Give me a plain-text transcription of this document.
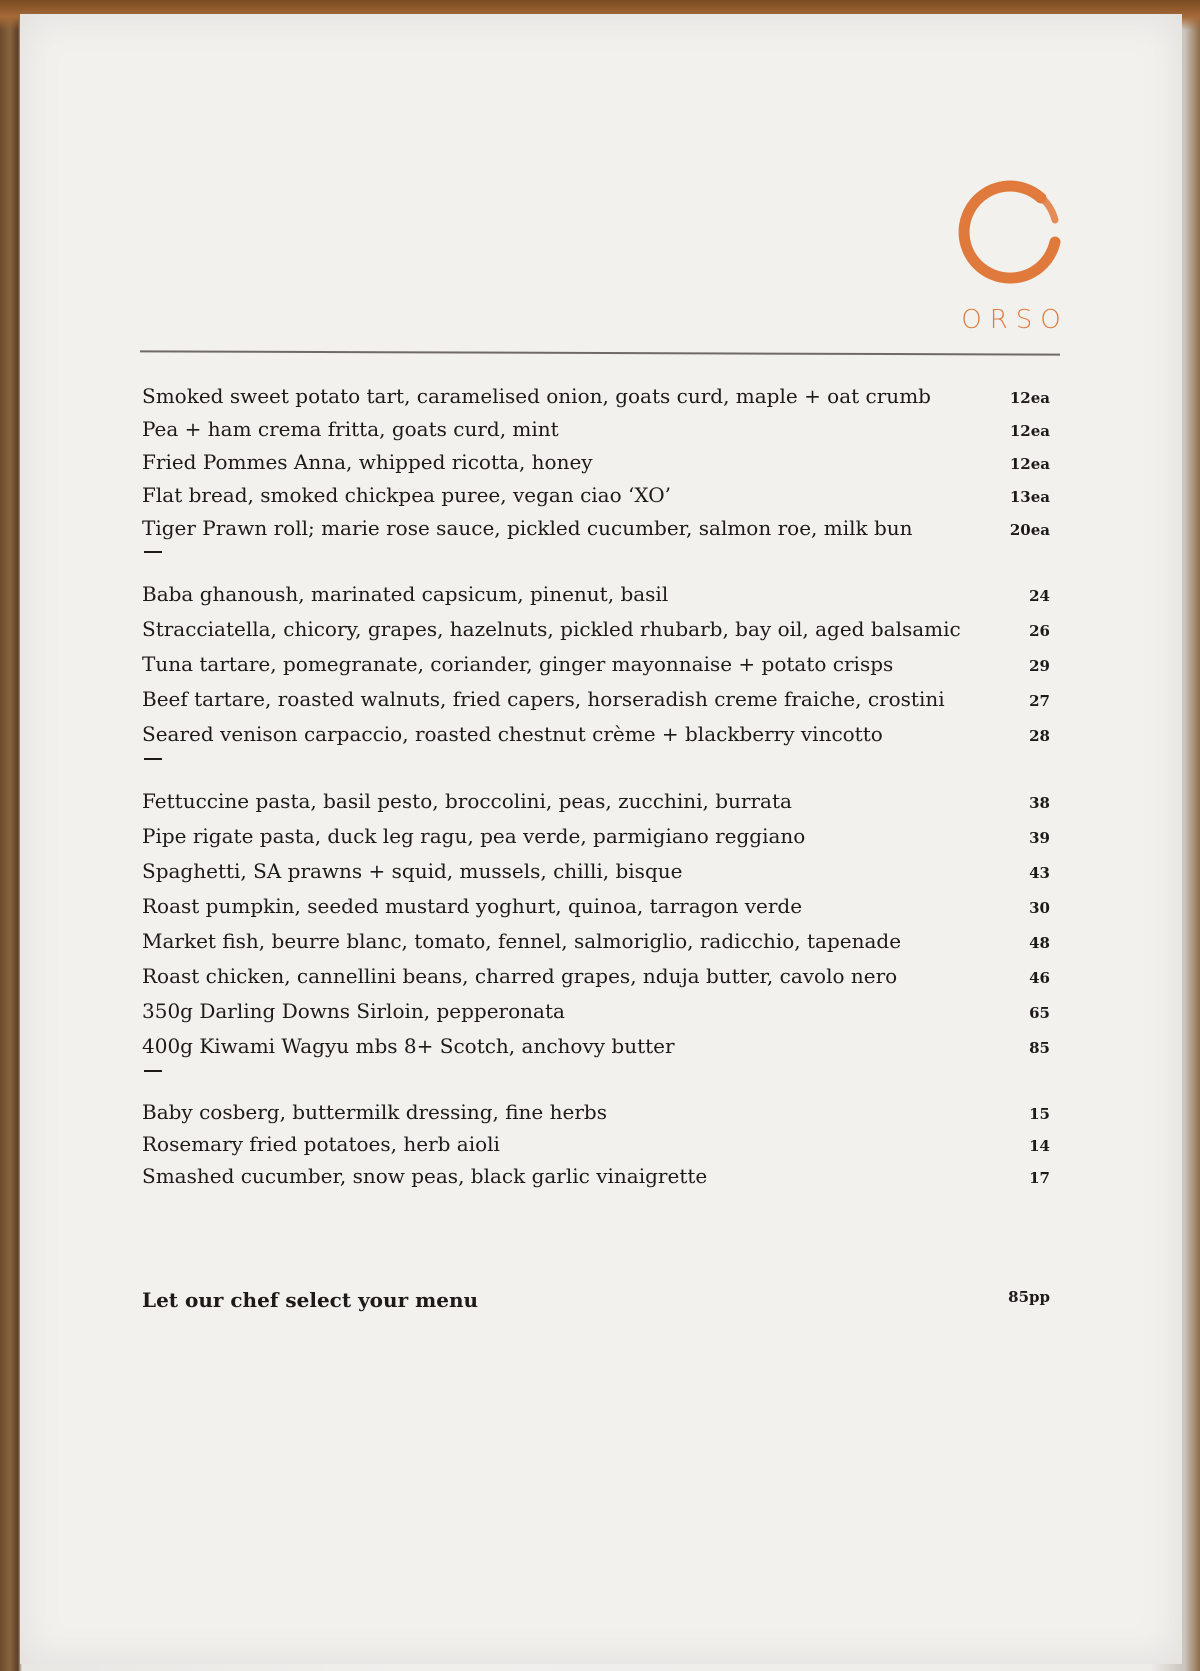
ORSO
Smoked sweet potato tart, caramelised onion, goats curd, maple + oat crumb	12ea
Pea + ham crema fritta, goats curd, mint	12ea
Fried Pommes Anna, whipped ricotta, honey	12ea
Flat bread, smoked chickpea puree, vegan ciao ‘XO’	13ea
Tiger Prawn roll; marie rose sauce, pickled cucumber, salmon roe, milk bun	20ea
Baba ghanoush, marinated capsicum, pinenut, basil	24
Stracciatella, chicory, grapes, hazelnuts, pickled rhubarb, bay oil, aged balsamic	26
Tuna tartare, pomegranate, coriander, ginger mayonnaise + potato crisps	29
Beef tartare, roasted walnuts, fried capers, horseradish creme fraiche, crostini	27
Seared venison carpaccio, roasted chestnut crème + blackberry vincotto	28
Fettuccine pasta, basil pesto, broccolini, peas, zucchini, burrata	38
Pipe rigate pasta, duck leg ragu, pea verde, parmigiano reggiano	39
Spaghetti, SA prawns + squid, mussels, chilli, bisque	43
Roast pumpkin, seeded mustard yoghurt, quinoa, tarragon verde	30
Market fish, beurre blanc, tomato, fennel, salmoriglio, radicchio, tapenade	48
Roast chicken, cannellini beans, charred grapes, nduja butter, cavolo nero	46
350g Darling Downs Sirloin, pepperonata	65
400g Kiwami Wagyu mbs 8+ Scotch, anchovy butter	85
Baby cosberg, buttermilk dressing, fine herbs	15
Rosemary fried potatoes, herb aioli	14
Smashed cucumber, snow peas, black garlic vinaigrette	17
Let our chef select your menu	85pp
